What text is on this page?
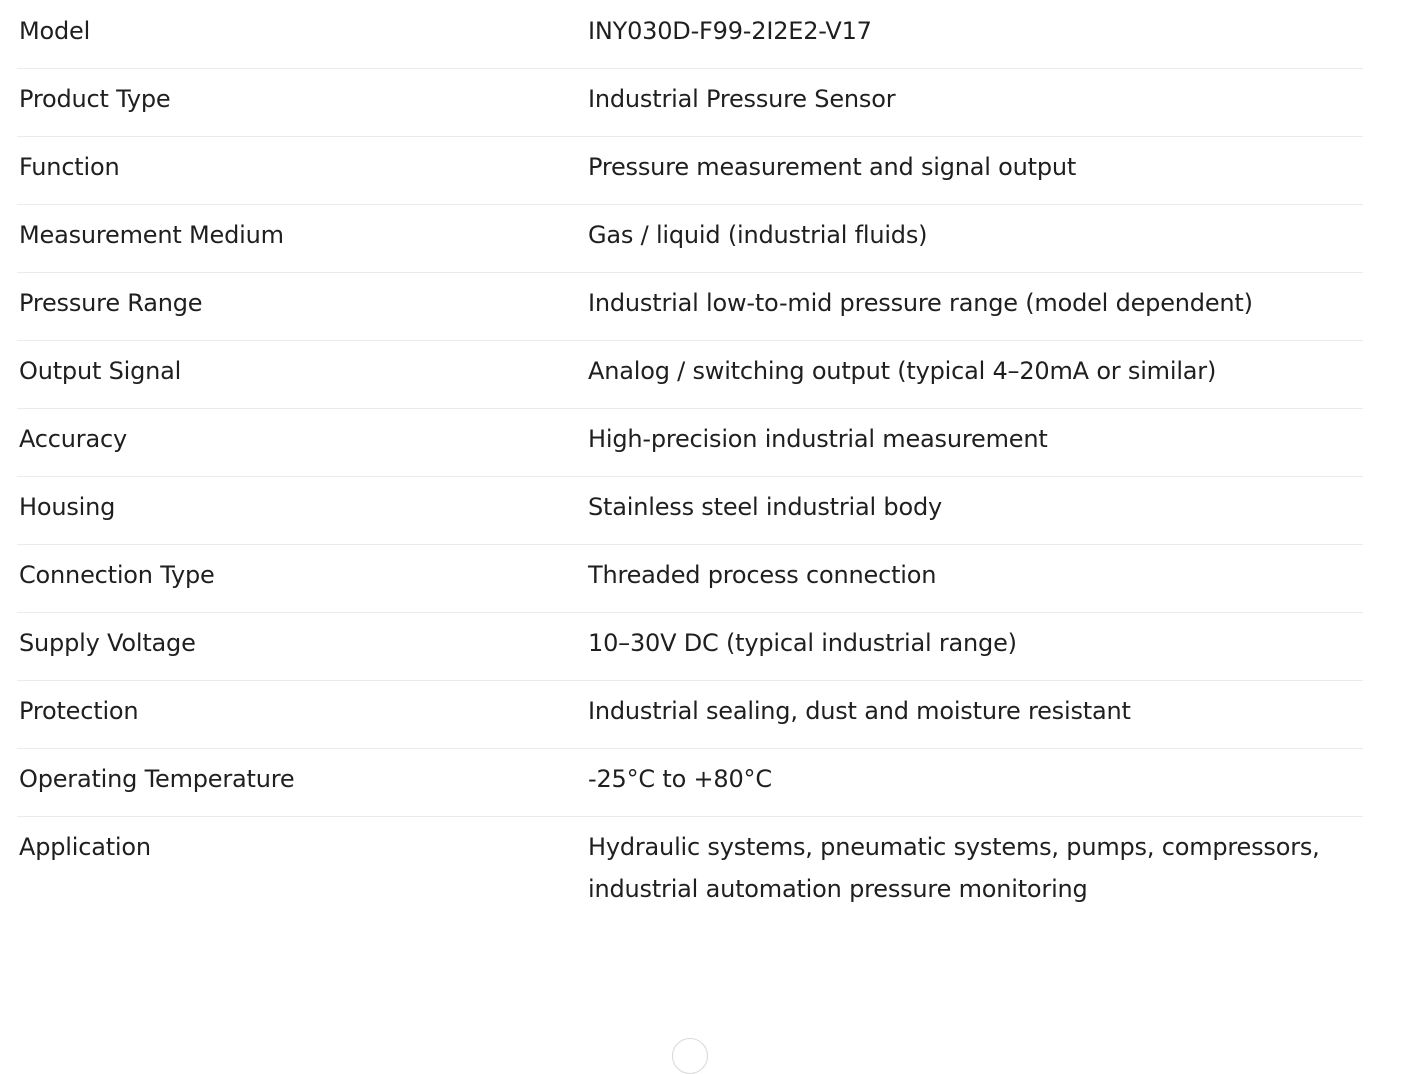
Model	INY030D-F99-2I2E2-V17
Product Type	Industrial Pressure Sensor
Function	Pressure measurement and signal output
Measurement Medium	Gas / liquid (industrial fluids)
Pressure Range	Industrial low-to-mid pressure range (model dependent)
Output Signal	Analog / switching output (typical 4–20mA or similar)
Accuracy	High-precision industrial measurement
Housing	Stainless steel industrial body
Connection Type	Threaded process connection
Supply Voltage	10–30V DC (typical industrial range)
Protection	Industrial sealing, dust and moisture resistant
Operating Temperature	-25°C to +80°C
Application	Hydraulic systems, pneumatic systems, pumps, compressors, industrial automation pressure monitoring
